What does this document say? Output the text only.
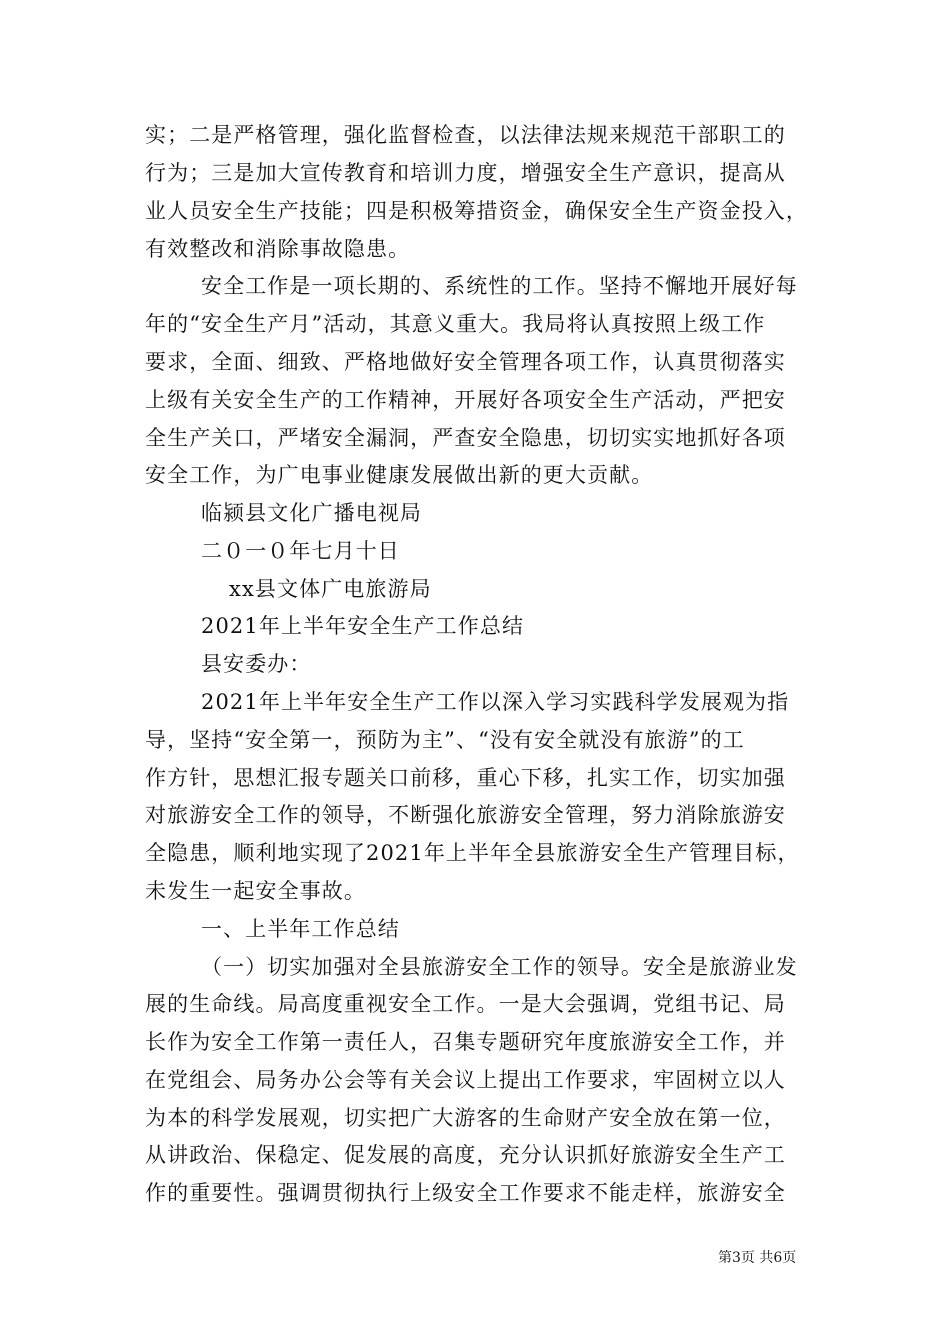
实；二是严格管理，强化监督检查，以法律法规来规范干部职工的
行为；三是加大宣传教育和培训力度，增强安全生产意识，提高从
业人员安全生产技能；四是积极筹措资金，确保安全生产资金投入，
有效整改和消除事故隐患。
安全工作是一项长期的、系统性的工作。坚持不懈地开展好每
年的“安全生产月”活动，其意义重大。我局将认真按照上级工作
要求，全面、细致、严格地做好安全管理各项工作，认真贯彻落实
上级有关安全生产的工作精神，开展好各项安全生产活动，严把安
全生产关口，严堵安全漏洞，严查安全隐患，切切实实地抓好各项
安全工作，为广电事业健康发展做出新的更大贡献。
临颍县文化广播电视局
二０一０年七月十日
xx县文体广电旅游局
2021年上半年安全生产工作总结
县安委办：
2021年上半年安全生产工作以深入学习实践科学发展观为指
导，坚持“安全第一，预防为主”、“没有安全就没有旅游”的工
作方针，思想汇报专题关口前移，重心下移，扎实工作，切实加强
对旅游安全工作的领导，不断强化旅游安全管理，努力消除旅游安
全隐患，顺利地实现了2021年上半年全县旅游安全生产管理目标，
未发生一起安全事故。
一、上半年工作总结
（一）切实加强对全县旅游安全工作的领导。安全是旅游业发
展的生命线。局高度重视安全工作。一是大会强调，党组书记、局
长作为安全工作第一责任人，召集专题研究年度旅游安全工作，并
在党组会、局务办公会等有关会议上提出工作要求，牢固树立以人
为本的科学发展观，切实把广大游客的生命财产安全放在第一位，
从讲政治、保稳定、促发展的高度，充分认识抓好旅游安全生产工
作的重要性。强调贯彻执行上级安全工作要求不能走样，旅游安全
第3页 共6页
